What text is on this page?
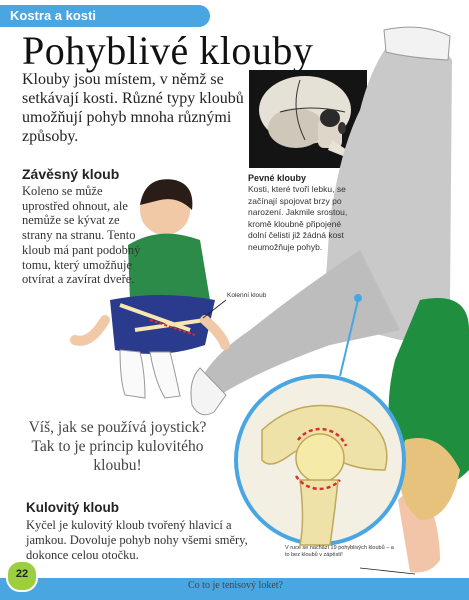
Kostra a kosti
Pohyblivé klouby
Klouby jsou místem, v němž se setkávají kosti. Různé typy kloubů umožňují pohyb mnoha různými způsoby.
Závěsný kloub
Koleno se může uprostřed ohnout, ale nemůže se kývat ze strany na stranu. Tento kloub má pant podobný tomu, který umožňuje otvírat a zavírat dveře.
Pevné klouby
Kosti, které tvoří lebku, se začínají spojovat brzy po narození. Jakmile srostou, kromě kloubně připojené dolní čelisti již žádná kost neumožňuje pohyb.
Kolenní kloub
Víš, jak se používá joystick? Tak to je princip kulovitého kloubu!
Kulovitý kloub
Kyčel je kulovitý kloub tvořený hlavicí a jamkou. Dovoluje pohyb nohy všemi směry, dokonce celou otočku.	V ruce se nachází 19 pohyblivých kloubů – a to bez kloubů v zápěstí!
22
Co to je tenisový loket?
